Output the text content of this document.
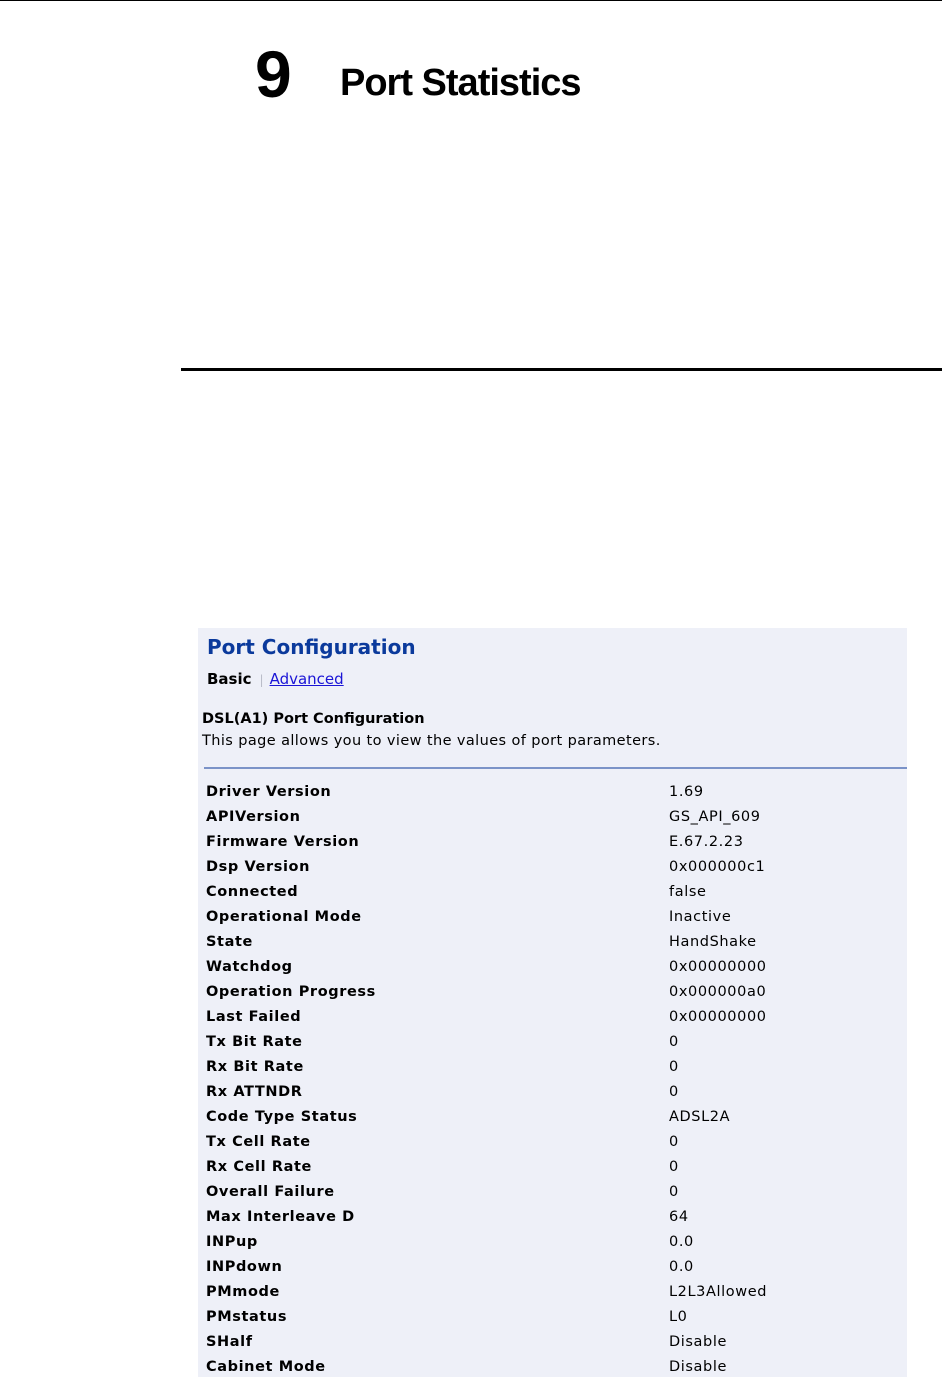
9 Port Statistics
Port Configuration
Basic | Advanced
DSL(A1) Port Configuration
This page allows you to view the values of port parameters.
Driver Version	1.69
APIVersion	GS_API_609
Firmware Version	E.67.2.23
Dsp Version	0x000000c1
Connected	false
Operational Mode	Inactive
State	HandShake
Watchdog	0x00000000
Operation Progress	0x000000a0
Last Failed	0x00000000
Tx Bit Rate	0
Rx Bit Rate	0
Rx ATTNDR	0
Code Type Status	ADSL2A
Tx Cell Rate	0
Rx Cell Rate	0
Overall Failure	0
Max Interleave D	64
INPup	0.0
INPdown	0.0
PMmode	L2L3Allowed
PMstatus	L0
SHalf	Disable
Cabinet Mode	Disable
